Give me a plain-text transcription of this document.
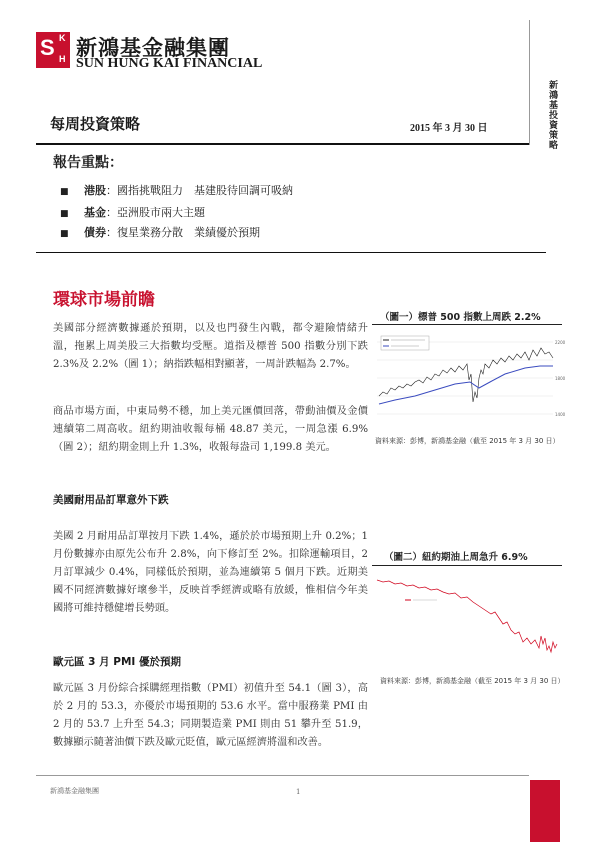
S K
H 新鴻基金融集團
SUN HUNG KAI FINANCIAL
新鴻基投資策略
每周投資策略	2015 年 3 月 30 日
報告重點：
■ 港股：國指挑戰阻力　基建股待回調可吸納
■ 基金：亞洲股市兩大主題
■ 債券：復星業務分散　業績優於預期
環球市場前瞻

美國部分經濟數據遜於預期，以及也門發生內戰，都令避險情緒升溫，拖累上周美股三大指數均受壓。道指及標普 500 指數分別下跌 2.3%及 2.2%（圖 1）；納指跌幅相對顯著，一周計跌幅為 2.7%。

商品市場方面，中東局勢不穩，加上美元匯價回落，帶動油價及金價連續第二周高收。紐約期油收報每桶 48.87 美元，一周急漲 6.9%（圖 2）；紐約期金則上升 1.3%，收報每盎司 1,199.8 美元。

美國耐用品訂單意外下跌

美國 2 月耐用品訂單按月下跌 1.4%，遜於於市場預期上升 0.2%；1 月份數據亦由原先公布升 2.8%，向下修訂至 2%。扣除運輸項目，2 月訂單減少 0.4%，同樣低於預期，並為連續第 5 個月下跌。近期美國不同經濟數據好壞參半，反映首季經濟或略有放緩，惟相信今年美國將可維持穩健增長勢頭。

歐元區 3 月 PMI 優於預期

歐元區 3 月份綜合採購經理指數（PMI）初值升至 54.1（圖 3），高於 2 月的 53.3，亦優於市場預期的 53.6 水平。當中服務業 PMI 由 2 月的 53.7 上升至 54.3；同期製造業 PMI 則由 51 攀升至 51.9，數據顯示隨著油價下跌及歐元貶值，歐元區經濟將溫和改善。

（圖一）標普 500 指數上周跌 2.2%
2200
1800
1400
資料來源：彭博，新鴻基金融（截至 2015 年 3 月 30 日）
（圖二）紐約期油上周急升 6.9%
資料來源：彭博，新鴻基金融（截至 2015 年 3 月 30 日）
新鴻基金融集團	1
